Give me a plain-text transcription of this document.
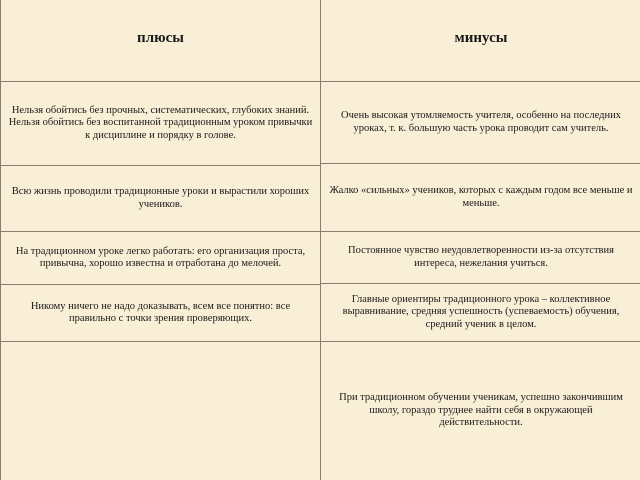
плюсы	минусы
Нельзя обойтись без прочных, систематических, глубоких знаний. Нельзя обойтись без воспитанной традиционным уроком привычки к дисциплине и порядку в голове.
Всю жизнь проводили традиционные уроки и вырастили хороших учеников.
На традиционном уроке легко работать: его организация проста, привычна, хорошо известна и отработана до мелочей.
Никому ничего не надо доказывать, всем все понятно: все правильно с точки зрения проверяющих.
Очень высокая утомляемость учителя, особенно на последних уроках, т. к. большую часть урока проводит сам учитель.
Жалко «сильных» учеников, которых с каждым годом все меньше и меньше.
Постоянное чувство неудовлетворенности из-за отсутствия интереса, нежелания учиться.
Главные ориентиры традиционного урока – коллективное выравнивание, средняя успешность (успеваемость) обучения, средний ученик в целом.
При традиционном обучении ученикам, успешно закончившим школу, гораздо труднее найти себя в окружающей действительности.
